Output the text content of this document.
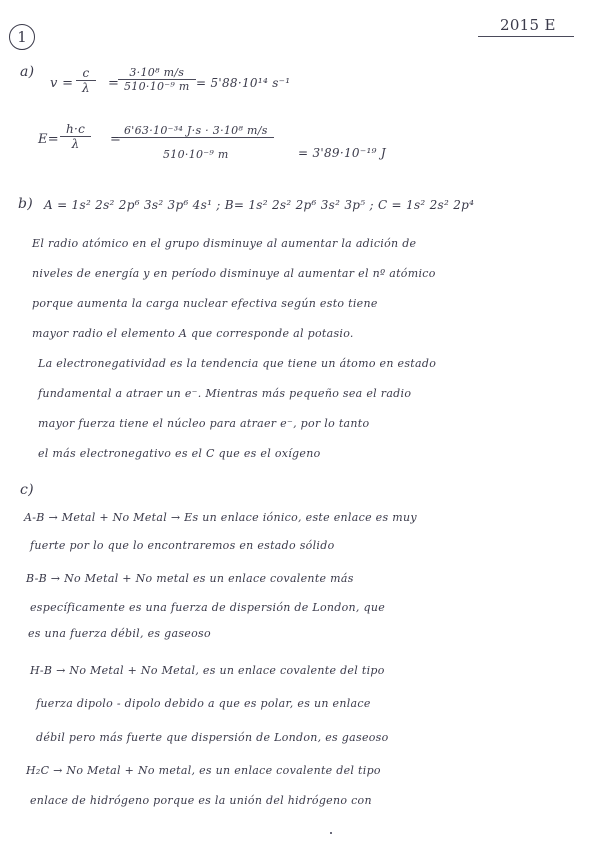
1
2015 E
a)
$v = \frac{c}{\lambda}$ =
$\frac{\text{3·10⁸ m/s}}{\text{510·10⁻⁹ m}} = 5'88\cdot 10^{14}$ s⁻¹
$E= \frac{h\cdot c}{\lambda}$ =
$\frac{\text{6'63·10⁻³⁴ J·s · 3·10⁸ m/s}}{\text{510·10⁻⁹ m}} = 3'89\cdot 10^{-19}$ J
b) A = 1s² 2s² 2p⁶ 3s² 3p⁶ 4s¹ ; B= 1s² 2s² 2p⁶ 3s² 3p⁵ ; C = 1s² 2s² 2p⁴
El radio atómico en el grupo disminuye al aumentar la adición de
niveles de energía y en período disminuye al aumentar el nº atómico
porque aumenta la carga nuclear efectiva según esto tiene
mayor radio el elemento A que corresponde al potasio.
La electronegatividad es la tendencia que tiene un átomo en estado
fundamental a atraer un e⁻. Mientras más pequeño sea el radio
mayor fuerza tiene el núcleo para atraer e⁻, por lo tanto
el más electronegativo es el C que es el oxígeno
c)
A-B → Metal + No Metal → Es un enlace iónico, este enlace es muy
fuerte por lo que lo encontraremos en estado sólido
B-B → No Metal + No metal es un enlace covalente más
específicamente es una fuerza de dispersión de London, que
es una fuerza débil, es gaseoso
H-B → No Metal + No Metal, es un enlace covalente del tipo
fuerza dipolo - dipolo debido a que es polar, es un enlace
débil pero más fuerte que dispersión de London, es gaseoso
H₂C → No Metal + No metal, es un enlace covalente del tipo
enlace de hidrógeno porque es la unión del hidrógeno con
